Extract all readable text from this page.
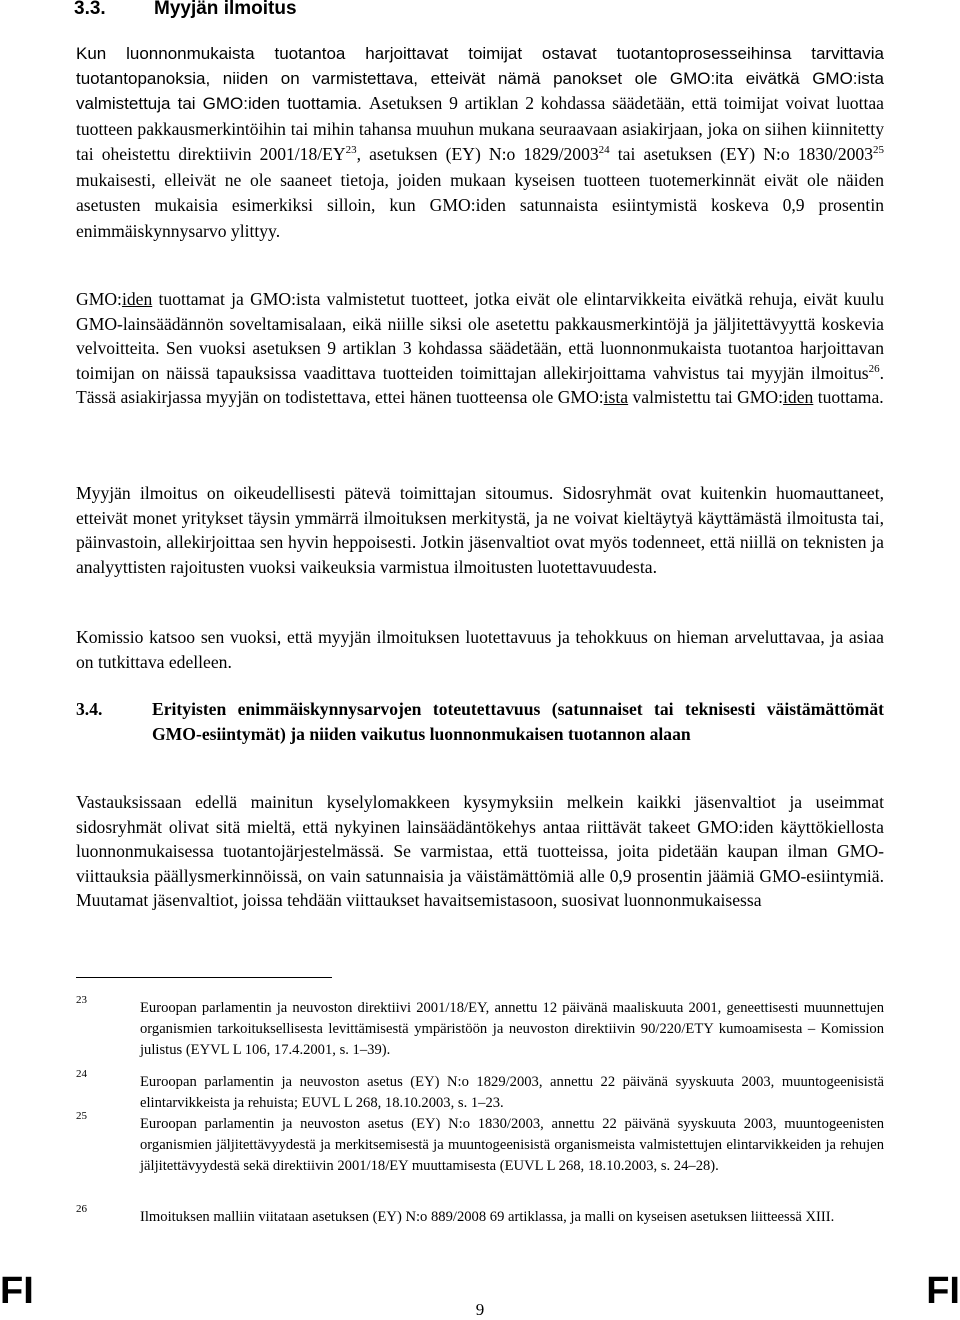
3.3.	Myyjän ilmoitus
Kun luonnonmukaista tuotantoa harjoittavat toimijat ostavat tuotantoprosesseihinsa tarvittavia tuotantopanoksia, niiden on varmistettava, etteivät nämä panokset ole GMO:ita eivätkä GMO:ista valmistettuja tai GMO:iden tuottamia. Asetuksen 9 artiklan 2 kohdassa säädetään, että toimijat voivat luottaa tuotteen pakkausmerkintöihin tai mihin tahansa muuhun mukana seuraavaan asiakirjaan, joka on siihen kiinnitetty tai oheistettu direktiivin 2001/18/EY$^{23}$, asetuksen (EY) N:o 1829/2003$^{24}$ tai asetuksen (EY) N:o 1830/2003$^{25}$ mukaisesti, elleivät ne ole saaneet tietoja, joiden mukaan kyseisen tuotteen tuotemerkinnät eivät ole näiden asetusten mukaisia esimerkiksi silloin, kun GMO:iden satunnaista esiintymistä koskeva 0,9 prosentin enimmäiskynnysarvo ylittyy.
GMO:iden tuottamat ja GMO:ista valmistetut tuotteet, jotka eivät ole elintarvikkeita eivätkä rehuja, eivät kuulu GMO-lainsäädännön soveltamisalaan, eikä niille siksi ole asetettu pakkausmerkintöjä ja jäljitettävyyttä koskevia velvoitteita. Sen vuoksi asetuksen 9 artiklan 3 kohdassa säädetään, että luonnonmukaista tuotantoa harjoittavan toimijan on näissä tapauksissa vaadittava tuotteiden toimittajan allekirjoittama vahvistus tai myyjän ilmoitus$^{26}$. Tässä asiakirjassa myyjän on todistettava, ettei hänen tuotteensa ole GMO:ista valmistettu tai GMO:iden tuottama.
Myyjän ilmoitus on oikeudellisesti pätevä toimittajan sitoumus. Sidosryhmät ovat kuitenkin huomauttaneet, etteivät monet yritykset täysin ymmärrä ilmoituksen merkitystä, ja ne voivat kieltäytyä käyttämästä ilmoitusta tai, päinvastoin, allekirjoittaa sen hyvin heppoisesti. Jotkin jäsenvaltiot ovat myös todenneet, että niillä on teknisten ja analyyttisten rajoitusten vuoksi vaikeuksia varmistua ilmoitusten luotettavuudesta.
Komissio katsoo sen vuoksi, että myyjän ilmoituksen luotettavuus ja tehokkuus on hieman arveluttavaa, ja asiaa on tutkittava edelleen.
3.4.	Erityisten enimmäiskynnysarvojen toteutettavuus (satunnaiset tai teknisesti väistämättömät GMO-esiintymät) ja niiden vaikutus luonnonmukaisen tuotannon alaan
Vastauksissaan edellä mainitun kyselylomakkeen kysymyksiin melkein kaikki jäsenvaltiot ja useimmat sidosryhmät olivat sitä mieltä, että nykyinen lainsäädäntökehys antaa riittävät takeet GMO:iden käyttökiellosta luonnonmukaisessa tuotantojärjestelmässä. Se varmistaa, että tuotteissa, joita pidetään kaupan ilman GMO-viittauksia päällysmerkinnöissä, on vain satunnaisia ja väistämättömiä alle 0,9 prosentin jäämiä GMO-esiintymiä. Muutamat jäsenvaltiot, joissa tehdään viittaukset havaitsemistasoon, suosivat luonnonmukaisessa
23	Euroopan parlamentin ja neuvoston direktiivi 2001/18/EY, annettu 12 päivänä maaliskuuta 2001, geneettisesti muunnettujen organismien tarkoituksellisesta levittämisestä ympäristöön ja neuvoston direktiivin 90/220/ETY kumoamisesta – Komission julistus (EYVL L 106, 17.4.2001, s. 1–39).
24	Euroopan parlamentin ja neuvoston asetus (EY) N:o 1829/2003, annettu 22 päivänä syyskuuta 2003, muuntogeenisistä elintarvikkeista ja rehuista; EUVL L 268, 18.10.2003, s. 1–23.
25	Euroopan parlamentin ja neuvoston asetus (EY) N:o 1830/2003, annettu 22 päivänä syyskuuta 2003, muuntogeenisten organismien jäljitettävyydestä ja merkitsemisestä ja muuntogeenisistä organismeista valmistettujen elintarvikkeiden ja rehujen jäljitettävyydestä sekä direktiivin 2001/18/EY muuttamisesta (EUVL L 268, 18.10.2003, s. 24–28).
26	Ilmoituksen malliin viitataan asetuksen (EY) N:o 889/2008 69 artiklassa, ja malli on kyseisen asetuksen liitteessä XIII.
FI	9	FI
